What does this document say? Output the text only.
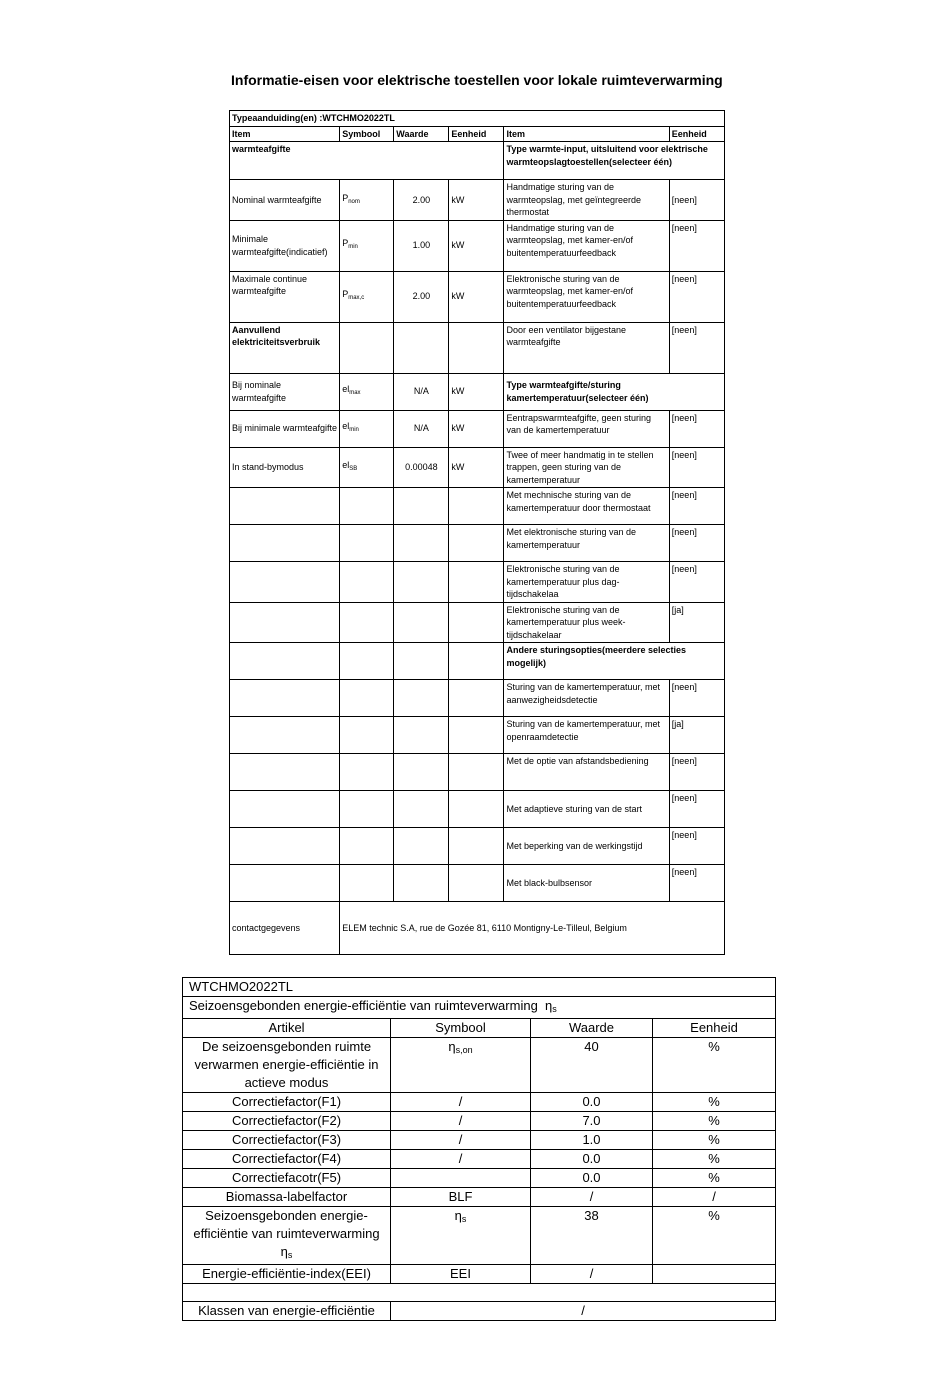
Informatie-eisen voor elektrische toestellen voor lokale ruimteverwarming
Typeaanduiding(en) :WTCHMO2022TL					
Item	Symbool	Waarde	Eenheid	Item	Eenheid
warmteafgifte				Type warmte-input, uitsluitend voor elektrische warmteopslagtoestellen(selecteer één)	
Nominal warmteafgifte	$P_{nom}$	2.00	kW	Handmatige sturing van de warmteopslag, met geïntegreerde thermostat	[neen]
Minimale warmteafgifte(indicatief)	$P_{min}$	1.00	kW	Handmatige sturing van de warmteopslag, met kamer-en/of buitentemperatuurfeedback	[neen]
Maximale continue warmteafgifte	$P_{max,c}$	2.00	kW	Elektronische sturing van de warmteopslag, met kamer-en/of buitentemperatuurfeedback	[neen]
Aanvullend elektriciteitsverbruik				Door een ventilator bijgestane warmteafgifte	[neen]
Bij nominale warmteafgifte	$el_{max}$	N/A	kW	Type warmteafgifte/sturing kamertemperatuur(selecteer één)	
Bij minimale warmteafgifte	$el_{min}$	N/A	kW	Eentrapswarmteafgifte, geen sturing van de kamertemperatuur	[neen]
In stand-bymodus	$el_{SB}$	0.00048	kW	Twee of meer handmatig in te stellen trappen, geen sturing van de kamertemperatuur	[neen]
				Met mechnische sturing van de kamertemperatuur door thermostaat	[neen]
				Met elektronische sturing van de kamertemperatuur	[neen]
				Elektronische sturing van de kamertemperatuur plus dag-tijdschakelaa	[neen]
				Elektronische sturing van de kamertemperatuur plus week-tijdschakelaar	[ja]
				Andere sturingsopties(meerdere selecties mogelijk)	
				Sturing van de kamertemperatuur, met aanwezigheidsdetectie	[neen]
				Sturing van de kamertemperatuur, met openraamdetectie	[ja]
				Met de optie van afstandsbediening	[neen]
				Met adaptieve sturing van de start	[neen]
				Met beperking van de werkingstijd	[neen]
				Met black-bulbsensor	[neen]
contactgegevens	ELEM technic S.A, rue de Gozée 81, 6110 Montigny-Le-Tilleul, Belgium				
WTCHMO2022TL			
Seizoensgebonden energie-efficiëntie van ruimteverwarming $\eta_s$
Artikel	Symbool	Waarde	Eenheid
De seizoensgebonden ruimte verwarmen energie-efficiëntie in actieve modus	$\eta_{s,on}$	40	%
Correctiefactor(F1)	/	0.0	%
Correctiefactor(F2)	/	7.0	%
Correctiefactor(F3)	/	1.0	%
Correctiefactor(F4)	/	0.0	%
Correctiefacotr(F5)		0.0	%
Biomassa-labelfactor	BLF	/	/
Seizoensgebonden energie-efficiëntie van ruimteverwarming $\eta_s$	$\eta_s$	38	%
Energie-efficiëntie-index(EEI)	EEI	/	

Klassen van energie-efficiëntie	/		
